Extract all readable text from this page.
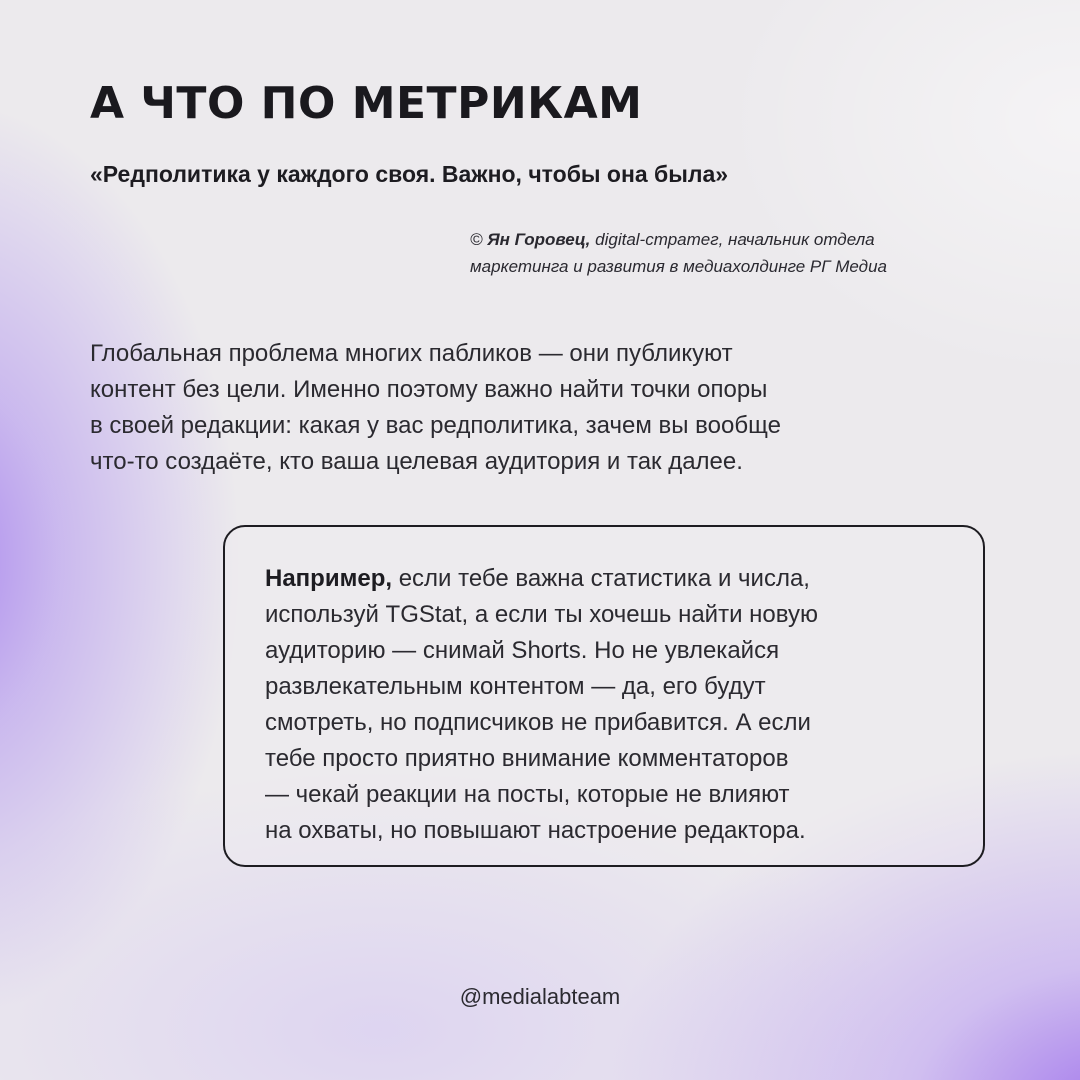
А ЧТО ПО МЕТРИКАМ

«Редполитика у каждого своя. Важно, чтобы она была»

© Ян Горовец, digital-стратег, начальник отдела
маркетинга и развития в медиахолдинге РГ Медиа
Глобальная проблема многих пабликов — они публикуют
контент без цели. Именно поэтому важно найти точки опоры
в своей редакции: какая у вас редполитика, зачем вы вообще
что-то создаёте, кто ваша целевая аудитория и так далее.
Например, если тебе важна статистика и числа,
используй TGStat, а если ты хочешь найти новую
аудиторию — снимай Shorts. Но не увлекайся
развлекательным контентом — да, его будут
смотреть, но подписчиков не прибавится. А если
тебе просто приятно внимание комментаторов
— чекай реакции на посты, которые не влияют
на охваты, но повышают настроение редактора.
@medialabteam
